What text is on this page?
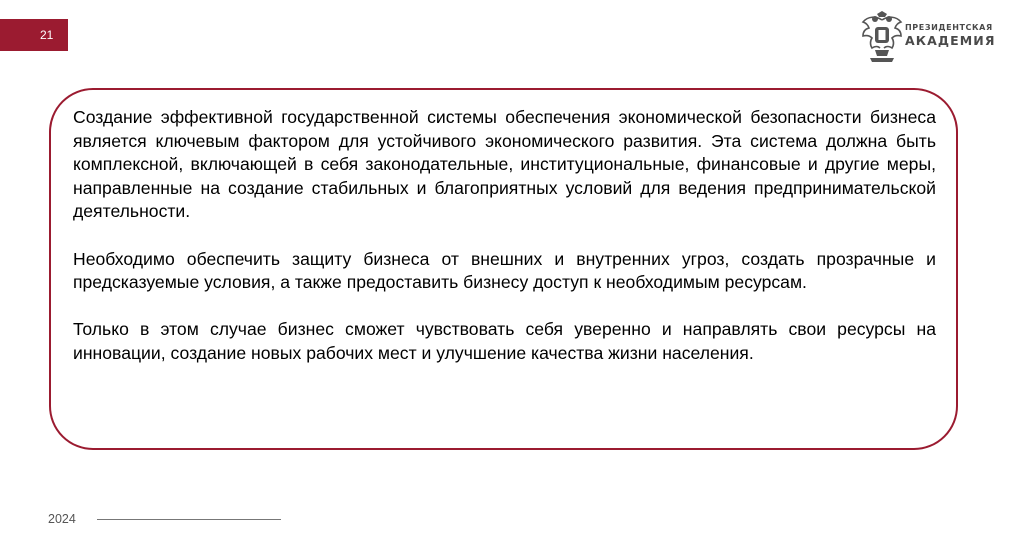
21
ПРЕЗИДЕНТСКАЯ
АКАДЕМИЯ

Создание эффективной государственной системы обеспечения экономической безопасности бизнеса является ключевым фактором для устойчивого экономического развития. Эта система должна быть комплексной, включающей в себя законодательные, институциональные, финансовые и другие меры, направленные на создание стабильных и благоприятных условий для ведения предпринимательской деятельности.

Необходимо обеспечить защиту бизнеса от внешних и внутренних угроз, создать прозрачные и предсказуемые условия, а также предоставить бизнесу доступ к необходимым ресурсам.

Только в этом случае бизнес сможет чувствовать себя уверенно и направлять свои ресурсы на инновации, создание новых рабочих мест и улучшение качества жизни населения.

2024
